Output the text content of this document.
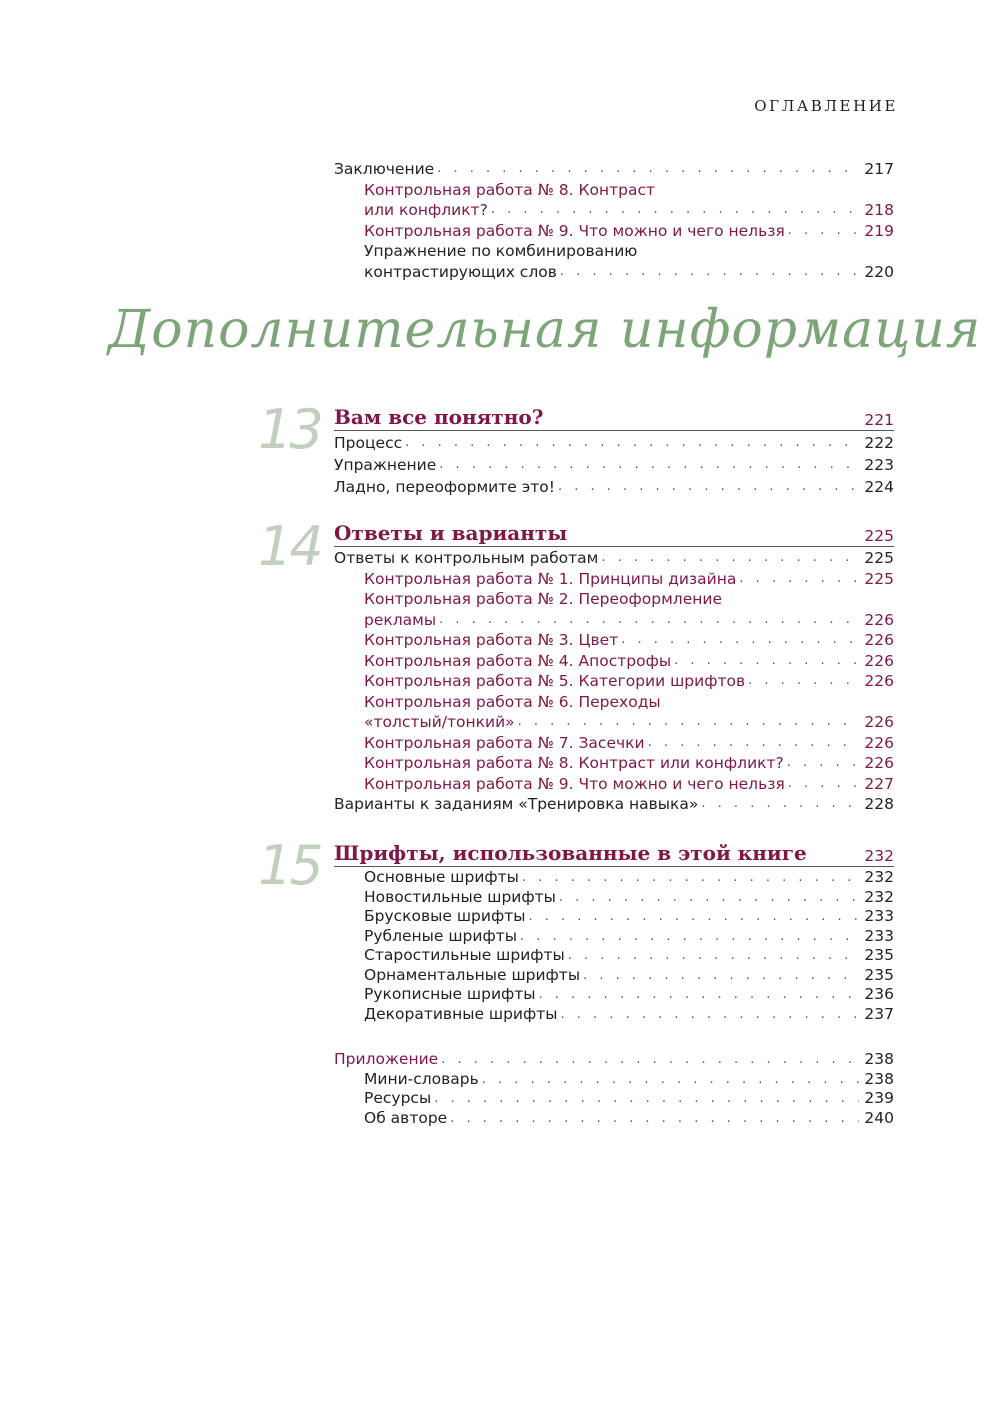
ОГЛАВЛЕНИЕ
Заключение . . .	217
Контрольная работа № 8. Контраст
или конфликт? . . .	218
Контрольная работа № 9. Что можно и чего нельзя . . .	219
Упражнение по комбинированию
контрастирующих слов . . .	220
Дополнительная информация
13 Вам все понятно?	221
Процесс . . .	222
Упражнение . . .	223
Ладно, переоформите это! . . .	224
14 Ответы и варианты	225
Ответы к контрольным работам . . .	225
Контрольная работа № 1. Принципы дизайна . . .	225
Контрольная работа № 2. Переоформление
рекламы . . .	226
Контрольная работа № 3. Цвет . . .	226
Контрольная работа № 4. Апострофы . . .	226
Контрольная работа № 5. Категории шрифтов . . .	226
Контрольная работа № 6. Переходы
«толстый/тонкий» . . .	226
Контрольная работа № 7. Засечки . . .	226
Контрольная работа № 8. Контраст или конфликт? . . .	226
Контрольная работа № 9. Что можно и чего нельзя . . .	227
Варианты к заданиям «Тренировка навыка» . . .	228
15 Шрифты, использованные в этой книге	232
Основные шрифты . . .	232
Новостильные шрифты . . .	232
Брусковые шрифты . . .	233
Рубленые шрифты . . .	233
Старостильные шрифты . . .	235
Орнаментальные шрифты . . .	235
Рукописные шрифты . . .	236
Декоративные шрифты . . .	237
Приложение . . .	238
Мини-словарь . . .	238
Ресурсы . . .	239
Об авторе . . .	240
